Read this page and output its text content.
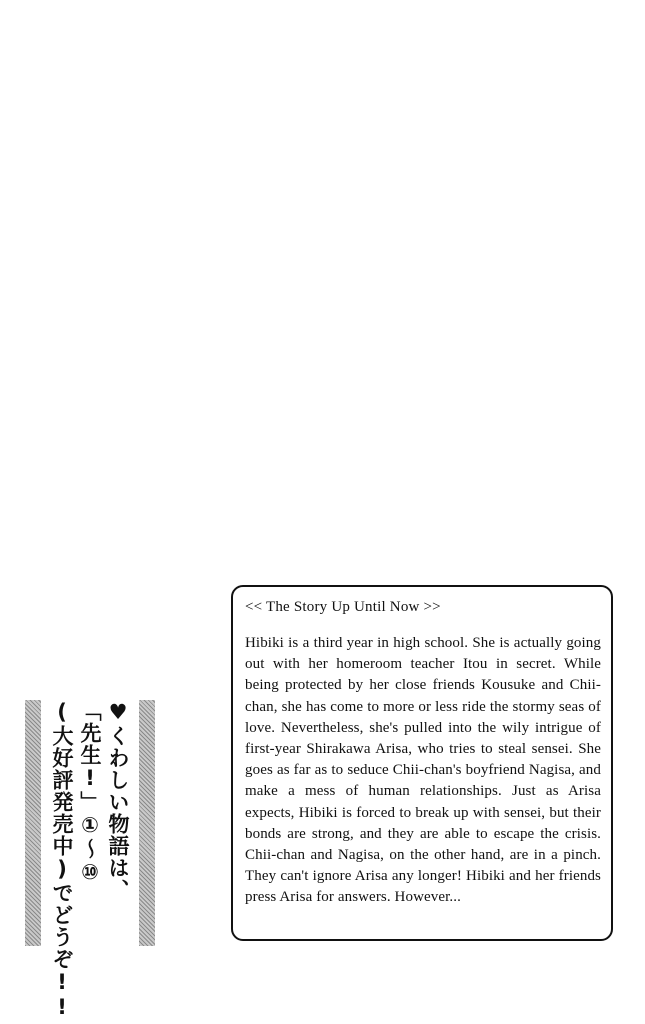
♥くわしい物語は、
「先生!」①〜⑩
(大好評発売中)でどうぞ!!

<< The Story Up Until Now >>

Hibiki is a third year in high school. She is actually going out with her homeroom teacher Itou in secret. While being protected by her close friends Kousuke and Chii-chan, she has come to more or less ride the stormy seas of love. Nevertheless, she's pulled into the wily intrigue of first-year Shirakawa Arisa, who tries to steal sensei. She goes as far as to seduce Chii-chan's boyfriend Nagisa, and make a mess of human relationships. Just as Arisa expects, Hibiki is forced to break up with sensei, but their bonds are strong, and they are able to escape the crisis. Chii-chan and Nagisa, on the other hand, are in a pinch. They can't ignore Arisa any longer! Hibiki and her friends press Arisa for answers. However...
